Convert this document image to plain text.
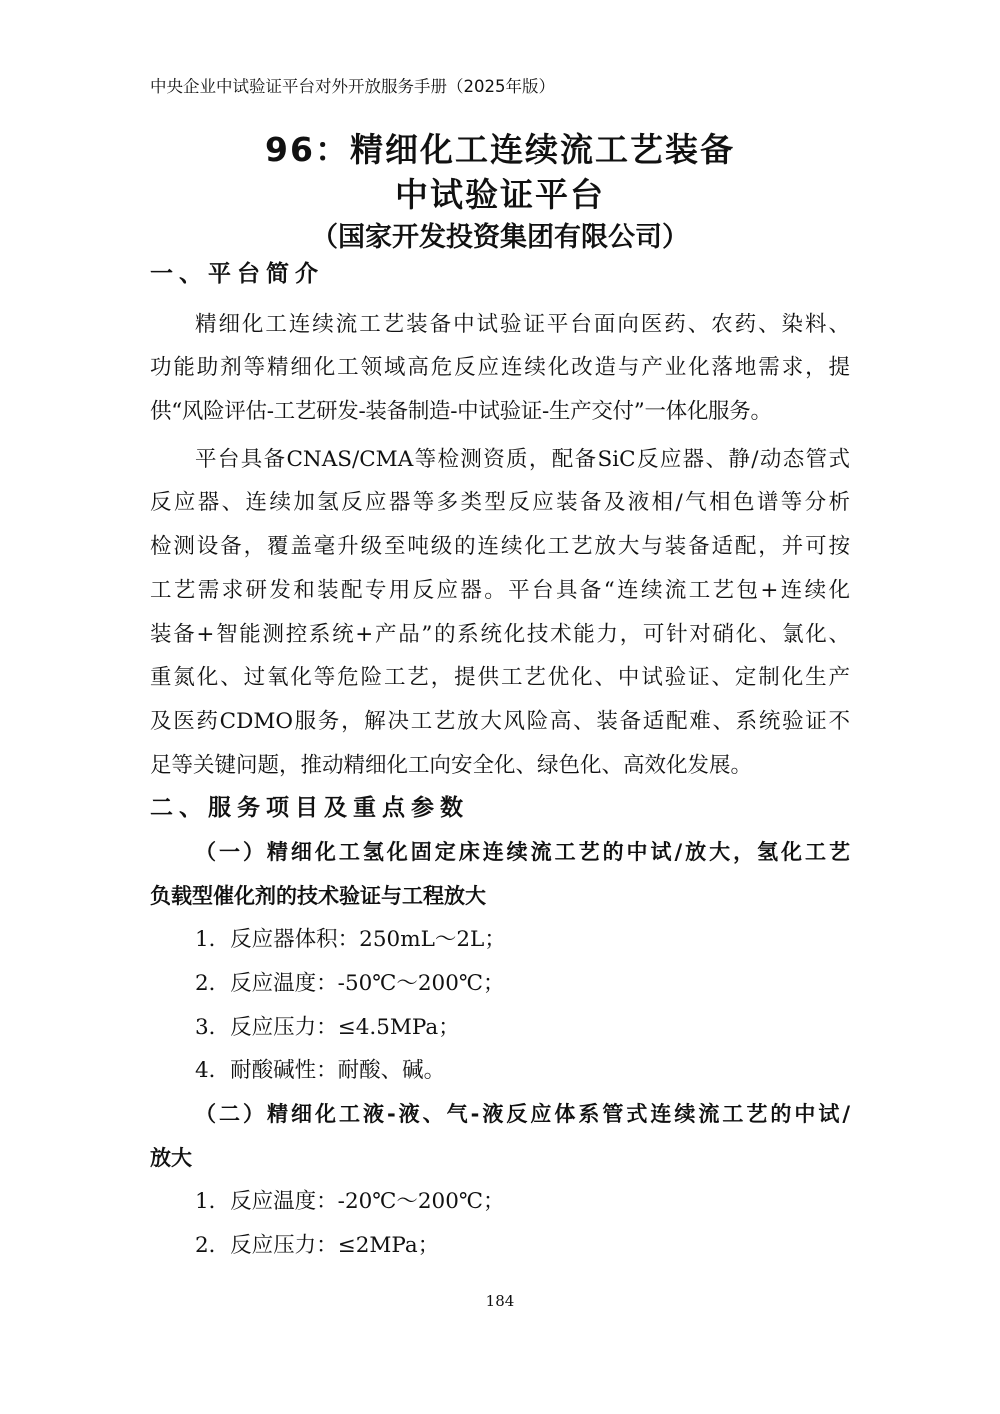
中央企业中试验证平台对外开放服务手册（2025年版）
96：精细化工连续流工艺装备
中试验证平台
（国家开发投资集团有限公司）
一、平台简介
精细化工连续流工艺装备中试验证平台面向医药、农药、染料、
功能助剂等精细化工领域高危反应连续化改造与产业化落地需求，提
供“风险评估-工艺研发-装备制造-中试验证-生产交付”一体化服务。
平台具备CNAS/CMA等检测资质，配备SiC反应器、静/动态管式
反应器、连续加氢反应器等多类型反应装备及液相/气相色谱等分析
检测设备，覆盖毫升级至吨级的连续化工艺放大与装备适配，并可按
工艺需求研发和装配专用反应器。平台具备“连续流工艺包+连续化
装备+智能测控系统+产品”的系统化技术能力，可针对硝化、氯化、
重氮化、过氧化等危险工艺，提供工艺优化、中试验证、定制化生产
及医药CDMO服务，解决工艺放大风险高、装备适配难、系统验证不
足等关键问题，推动精细化工向安全化、绿色化、高效化发展。
二、服务项目及重点参数
（一）精细化工氢化固定床连续流工艺的中试/放大，氢化工艺
负载型催化剂的技术验证与工程放大
1．反应器体积：250mL～2L；
2．反应温度：-50℃～200℃；
3．反应压力：≤4.5MPa；
4．耐酸碱性：耐酸、碱。
（二）精细化工液-液、气-液反应体系管式连续流工艺的中试/
放大
1．反应温度：-20℃～200℃；
2．反应压力：≤2MPa；
184
